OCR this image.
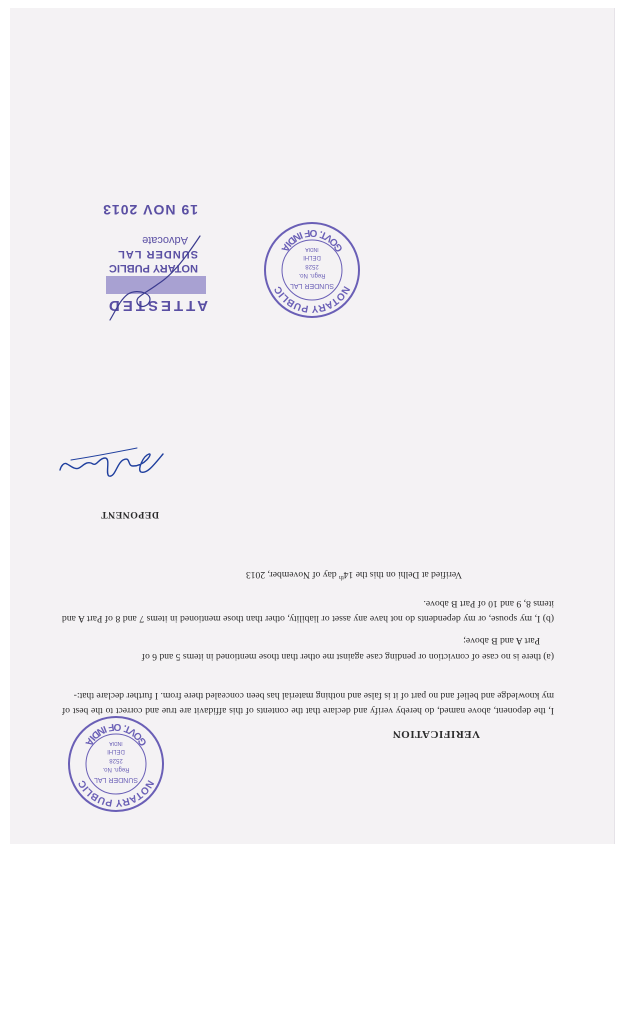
VERIFICATION
I, the deponent, above named, do hereby verify and declare that the contents of this affidavit are true and correct to the best of my knowledge and belief and no part of it is false and nothing material has been concealed there from. I further declare that:-
(a) there is no case of conviction or pending case against me other than those mentioned in items 5 and 6 of
Part A and B above;
(b) I, my spouse, or my dependents do not have any asset or liability, other than those mentioned in items 7 and 8 of Part A and items 8, 9 and 10 of Part B above.
Verified at Delhi on this the 14th day of November, 2013
DEPONENT
NOTARY PUBLIC
GOVT. OF INDIA
SUNDER LAL
Regn. No.
2528
DELHI
INDIA
NOTARY PUBLIC
GOVT. OF INDIA
SUNDER LAL
Regn. No.
2528
DELHI
INDIA
ATTESTED
NOTARY PUBLIC
SUNDER LAL
Advocate
19 NOV 2013
